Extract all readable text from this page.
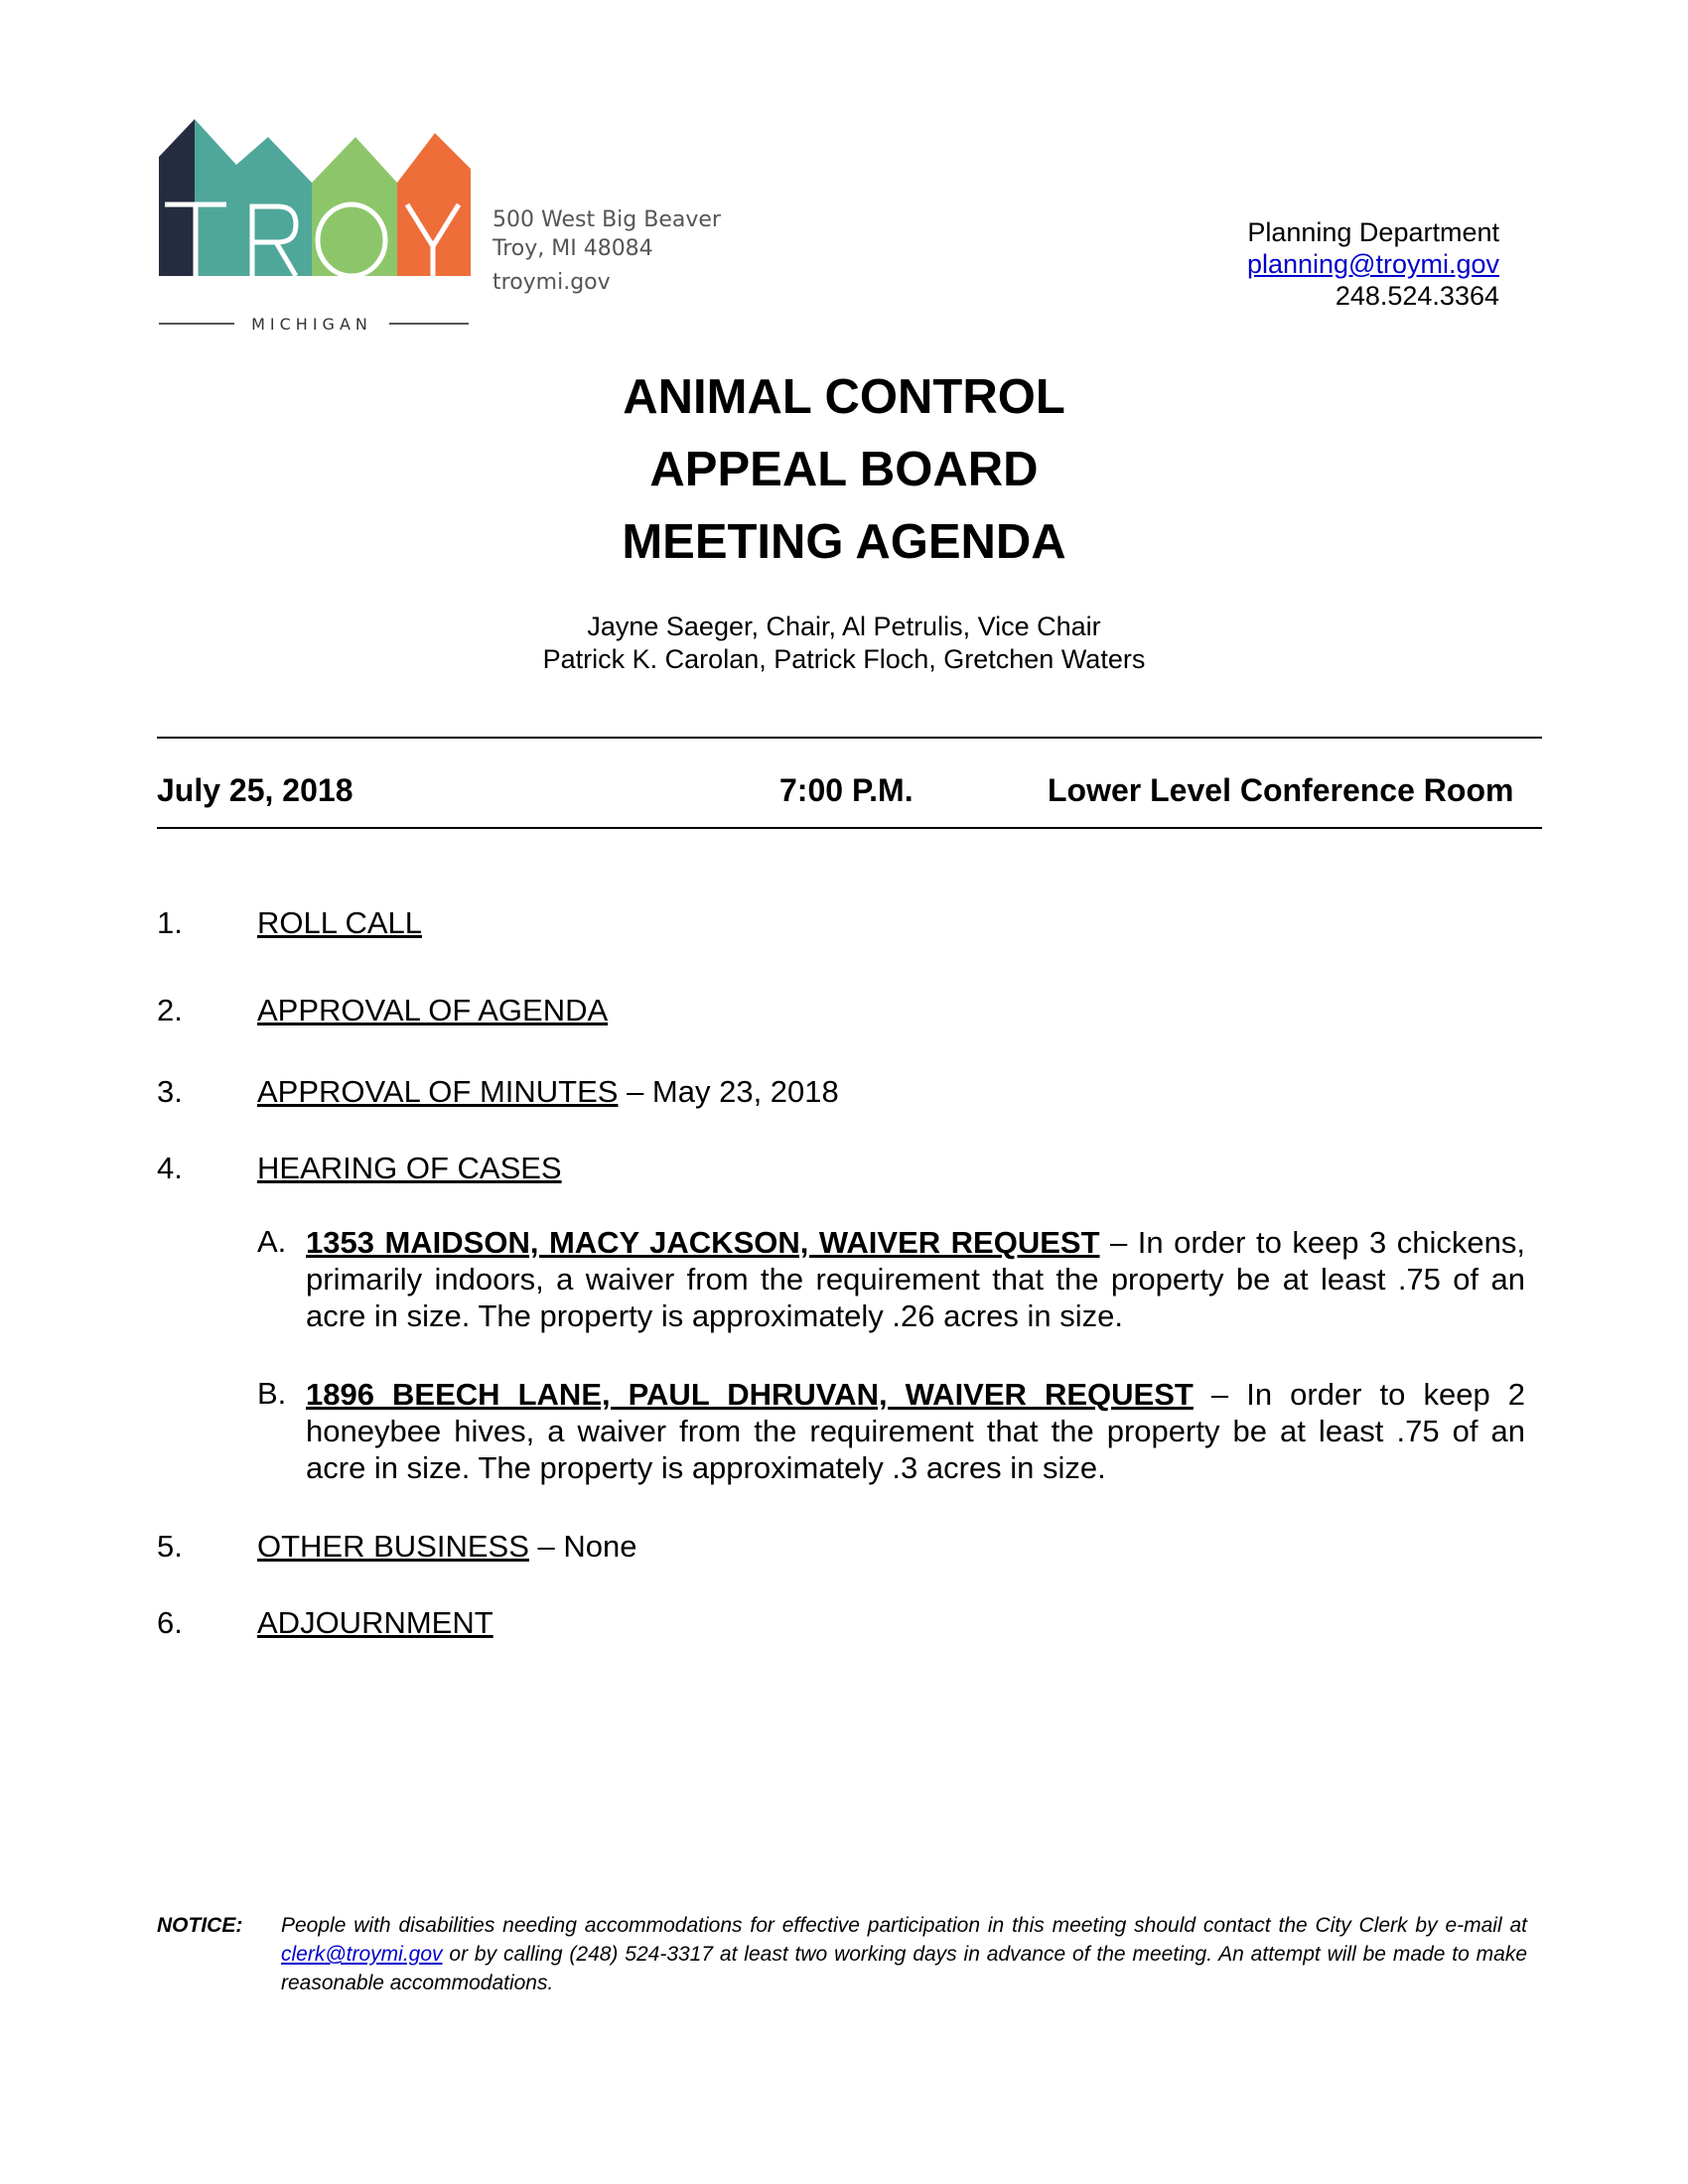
MICHIGAN
500 West Big Beaver
Troy, MI 48084
troymi.gov
Planning Department
planning@troymi.gov
248.524.3364
ANIMAL CONTROL
APPEAL BOARD
MEETING AGENDA
Jayne Saeger, Chair, Al Petrulis, Vice Chair
Patrick K. Carolan, Patrick Floch, Gretchen Waters
July 25, 2018	7:00 P.M.	Lower Level Conference Room
1. ROLL CALL
2. APPROVAL OF AGENDA
3. APPROVAL OF MINUTES – May 23, 2018
4. HEARING OF CASES
A. 1353 MAIDSON, MACY JACKSON, WAIVER REQUEST – In order to keep 3 chickens, primarily indoors, a waiver from the requirement that the property be at least .75 of an acre in size. The property is approximately .26 acres in size.
B. 1896 BEECH LANE, PAUL DHRUVAN, WAIVER REQUEST – In order to keep 2 honeybee hives, a waiver from the requirement that the property be at least .75 of an acre in size. The property is approximately .3 acres in size.
5. OTHER BUSINESS – None
6. ADJOURNMENT
NOTICE: People with disabilities needing accommodations for effective participation in this meeting should contact the City Clerk by e-mail at clerk@troymi.gov or by calling (248) 524-3317 at least two working days in advance of the meeting. An attempt will be made to make reasonable accommodations.
